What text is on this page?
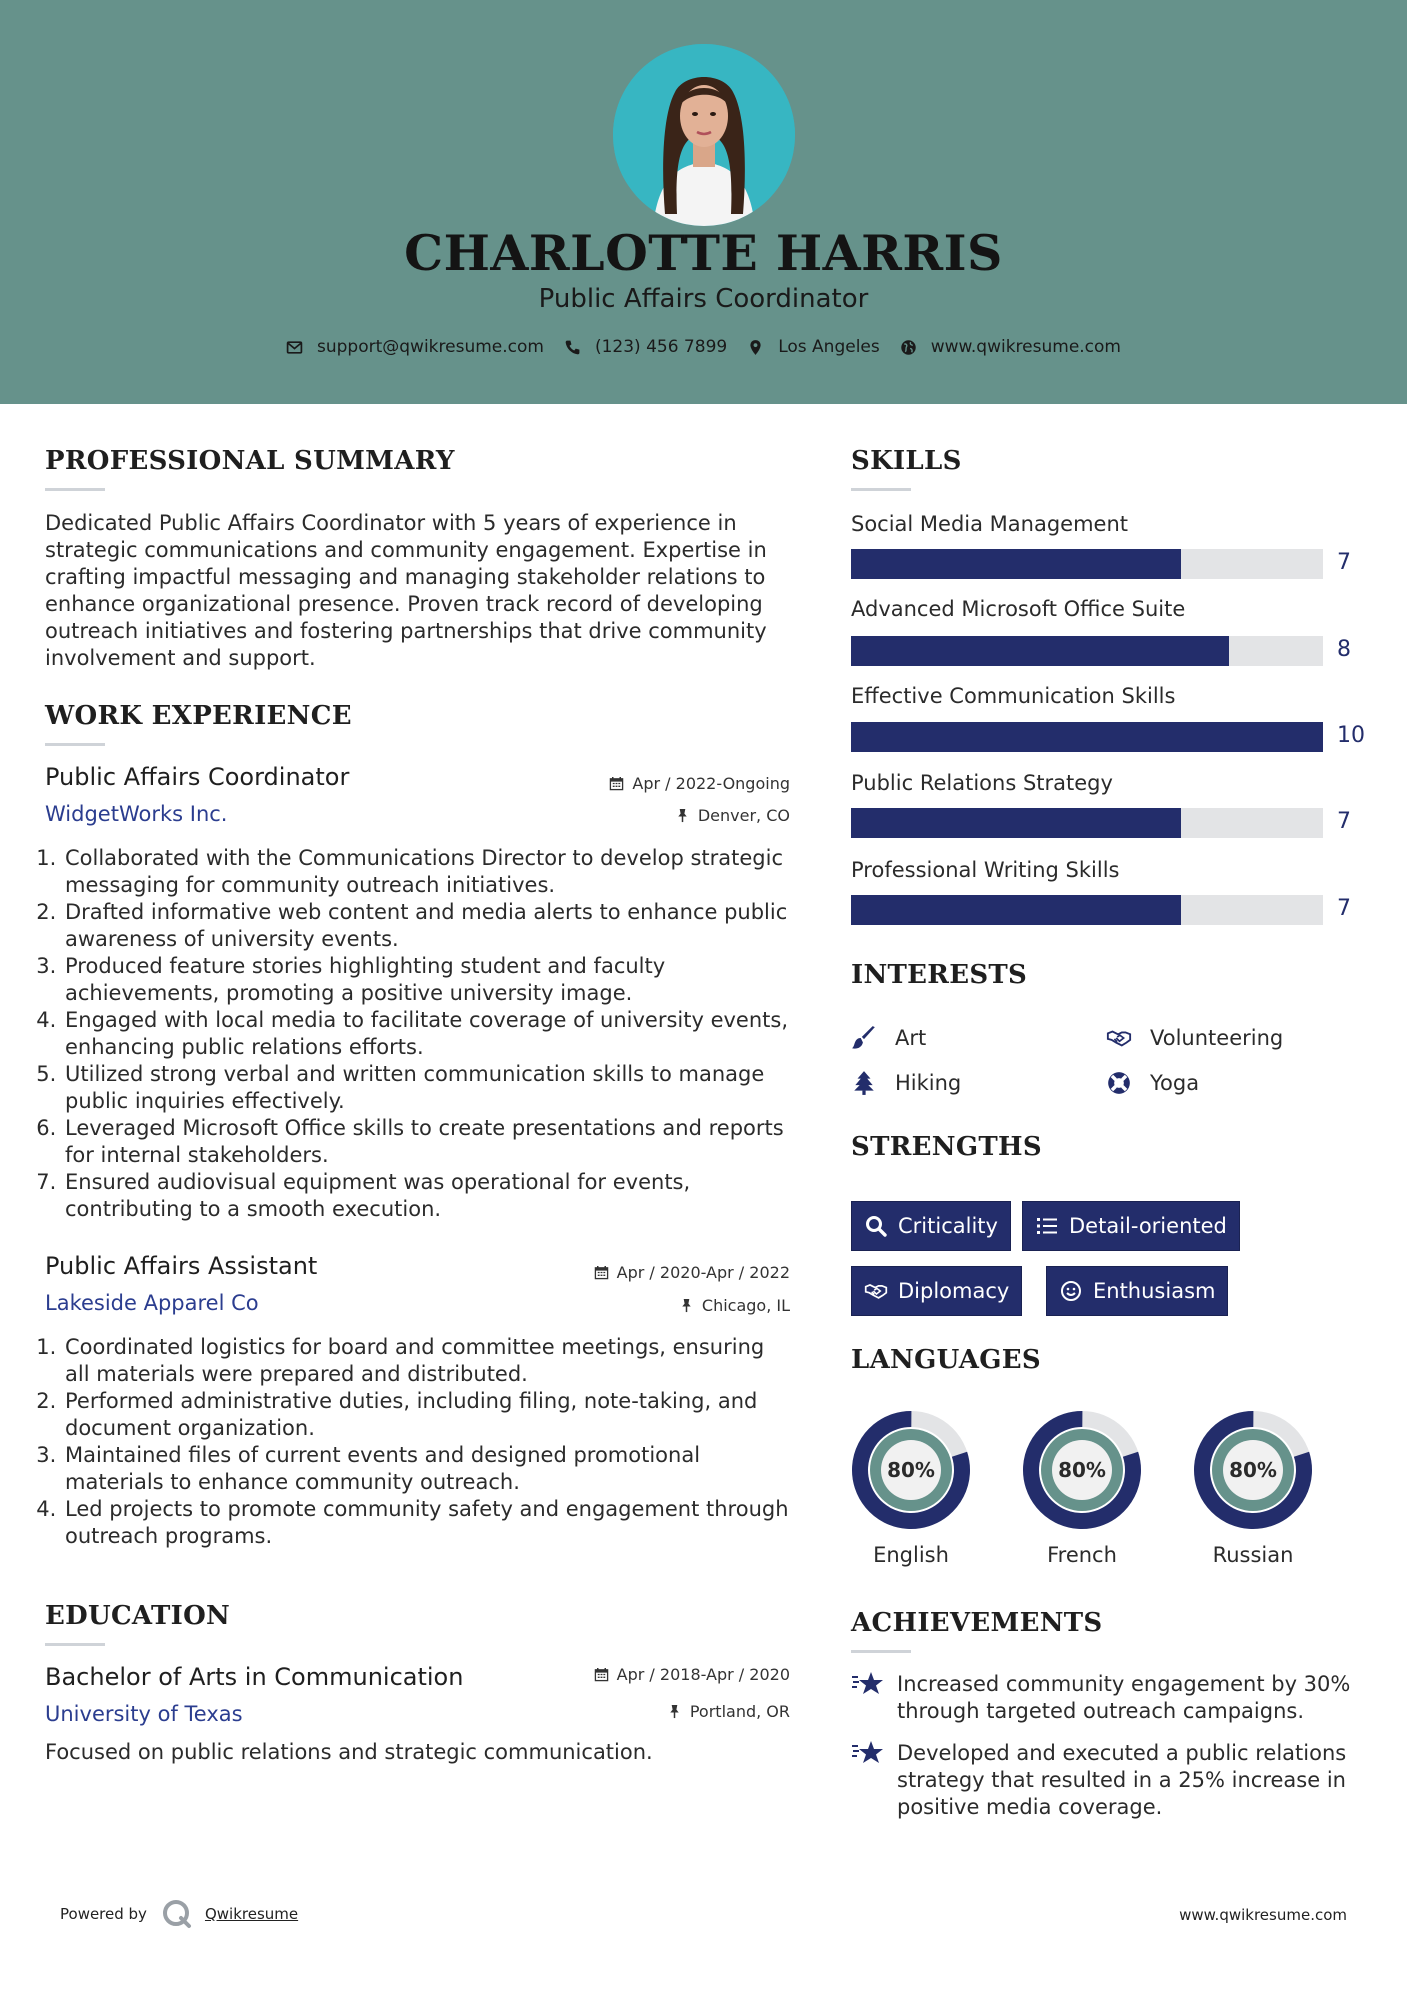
CHARLOTTE HARRIS
Public Affairs Coordinator
support@qwikresume.com	(123) 456 7899	Los Angeles	www.qwikresume.com
PROFESSIONAL SUMMARY
Dedicated Public Affairs Coordinator with 5 years of experience in strategic communications and community engagement. Expertise in crafting impactful messaging and managing stakeholder relations to enhance organizational presence. Proven track record of developing outreach initiatives and fostering partnerships that drive community involvement and support.
WORK EXPERIENCE
Public Affairs Coordinator	Apr / 2022-Ongoing
WidgetWorks Inc.	Denver, CO
1. Collaborated with the Communications Director to develop strategic messaging for community outreach initiatives.
2. Drafted informative web content and media alerts to enhance public awareness of university events.
3. Produced feature stories highlighting student and faculty achievements, promoting a positive university image.
4. Engaged with local media to facilitate coverage of university events, enhancing public relations efforts.
5. Utilized strong verbal and written communication skills to manage public inquiries effectively.
6. Leveraged Microsoft Office skills to create presentations and reports for internal stakeholders.
7. Ensured audiovisual equipment was operational for events, contributing to a smooth execution.
Public Affairs Assistant	Apr / 2020-Apr / 2022
Lakeside Apparel Co	Chicago, IL
1. Coordinated logistics for board and committee meetings, ensuring all materials were prepared and distributed.
2. Performed administrative duties, including filing, note-taking, and document organization.
3. Maintained files of current events and designed promotional materials to enhance community outreach.
4. Led projects to promote community safety and engagement through outreach programs.
EDUCATION
Bachelor of Arts in Communication	Apr / 2018-Apr / 2020
University of Texas	Portland, OR
Focused on public relations and strategic communication.
SKILLS
Social Media Management
7
Advanced Microsoft Office Suite
8
Effective Communication Skills
10
Public Relations Strategy
7
Professional Writing Skills
7
INTERESTS
Art	Volunteering
Hiking	Yoga
STRENGTHS
Criticality	Detail-oriented
Diplomacy	Enthusiasm
LANGUAGES
80%
English
80%
French
80%
Russian
ACHIEVEMENTS
Increased community engagement by 30% through targeted outreach campaigns.
Developed and executed a public relations strategy that resulted in a 25% increase in positive media coverage.
Powered by	Qwikresume	www.qwikresume.com
